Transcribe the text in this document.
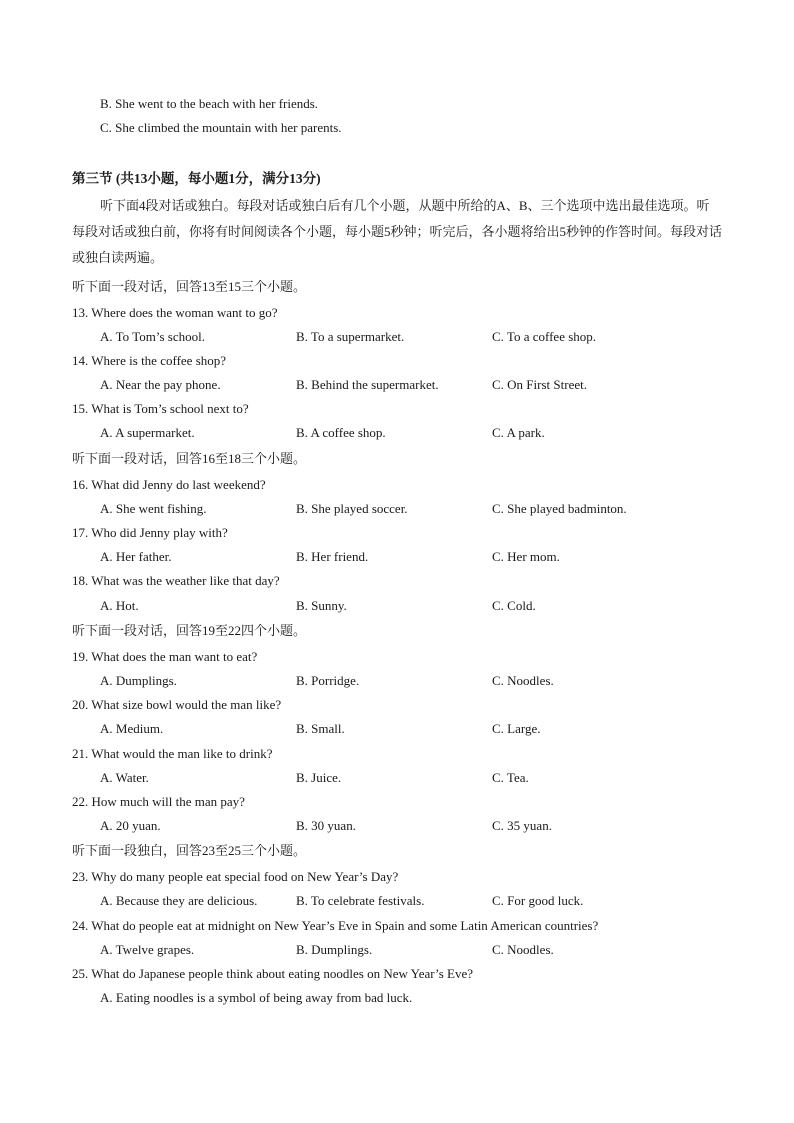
B. She went to the beach with her friends.
C. She climbed the mountain with her parents.
第三节 (共13小题，每小题1分，满分13分)
听下面4段对话或独白。每段对话或独白后有几个小题，从题中所给的A、B、三个选项中选出最佳选项。听每段对话或独白前，你将有时间阅读各个小题，每小题5秒钟；听完后，各小题将给出5秒钟的作答时间。每段对话或独白读两遍。
听下面一段对话，回答13至15三个小题。
13. Where does the woman want to go?
A. To Tom’s school.	B. To a supermarket.	C. To a coffee shop.
14. Where is the coffee shop?
A. Near the pay phone.	B. Behind the supermarket.	C. On First Street.
15. What is Tom’s school next to?
A. A supermarket.	B. A coffee shop.	C. A park.
听下面一段对话，回答16至18三个小题。
16. What did Jenny do last weekend?
A. She went fishing.	B. She played soccer.	C. She played badminton.
17. Who did Jenny play with?
A. Her father.	B. Her friend.	C. Her mom.
18. What was the weather like that day?
A. Hot.	B. Sunny.	C. Cold.
听下面一段对话，回答19至22四个小题。
19. What does the man want to eat?
A. Dumplings.	B. Porridge.	C. Noodles.
20. What size bowl would the man like?
A. Medium.	B. Small.	C. Large.
21. What would the man like to drink?
A. Water.	B. Juice.	C. Tea.
22. How much will the man pay?
A. 20 yuan.	B. 30 yuan.	C. 35 yuan.
听下面一段独白，回答23至25三个小题。
23. Why do many people eat special food on New Year’s Day?
A. Because they are delicious.	B. To celebrate festivals.	C. For good luck.
24. What do people eat at midnight on New Year’s Eve in Spain and some Latin American countries?
A. Twelve grapes.	B. Dumplings.	C. Noodles.
25. What do Japanese people think about eating noodles on New Year’s Eve?
A. Eating noodles is a symbol of being away from bad luck.
